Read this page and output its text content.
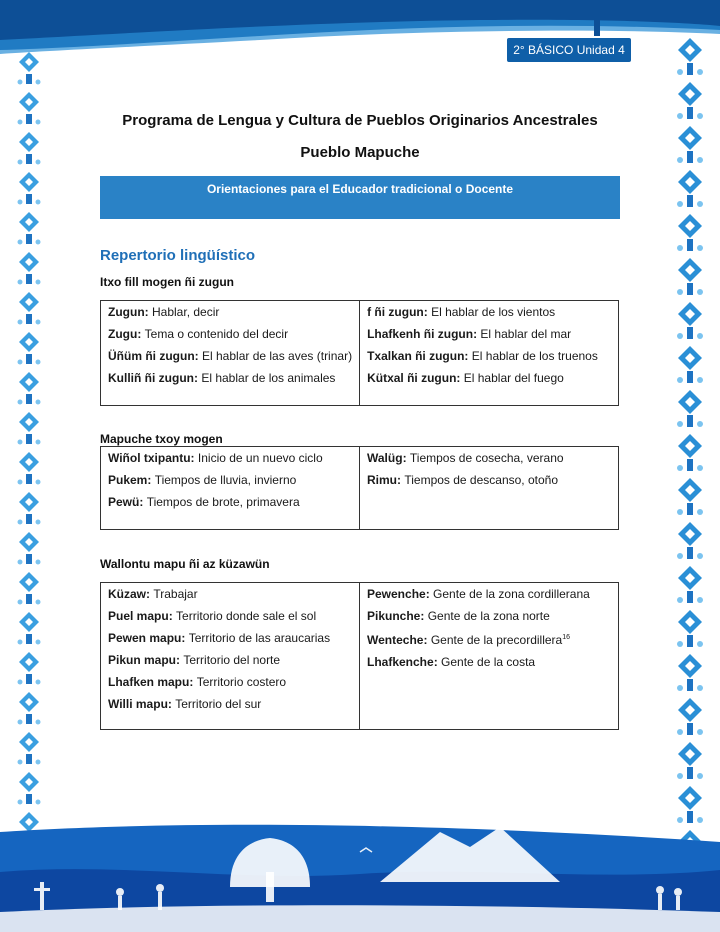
2° BÁSICO Unidad 4
Programa de Lengua y Cultura de Pueblos Originarios Ancestrales
Pueblo Mapuche
Orientaciones para el Educador tradicional o Docente
Repertorio lingüístico
Itxo fill mogen ñi zugun

Zugun: Hablar, decir

Zugu: Tema o contenido del decir

Üñüm ñi zugun: El hablar de las aves (trinar)

Kulliñ ñi zugun: El hablar de los animales

f ñi zugun: El hablar de los vientos

Lhafkenh ñi zugun: El hablar del mar

Txalkan ñi zugun: El hablar de los truenos

Kütxal ñi zugun: El hablar del fuego

Mapuche txoy mogen

Wiñol txipantu: Inicio de un nuevo ciclo

Pukem: Tiempos de lluvia, invierno

Pewü: Tiempos de brote, primavera

Walüg: Tiempos de cosecha, verano

Rimu: Tiempos de descanso, otoño

Wallontu mapu ñi az küzawün

Küzaw: Trabajar

Puel mapu: Territorio donde sale el sol

Pewen mapu: Territorio de las araucarias

Pikun mapu: Territorio del norte

Lhafken mapu: Territorio costero

Willi mapu: Territorio del sur

Pewenche: Gente de la zona cordillerana

Pikunche: Gente de la zona norte

Wenteche: Gente de la precordillera$^{16}$

Lhafkenche: Gente de la costa
